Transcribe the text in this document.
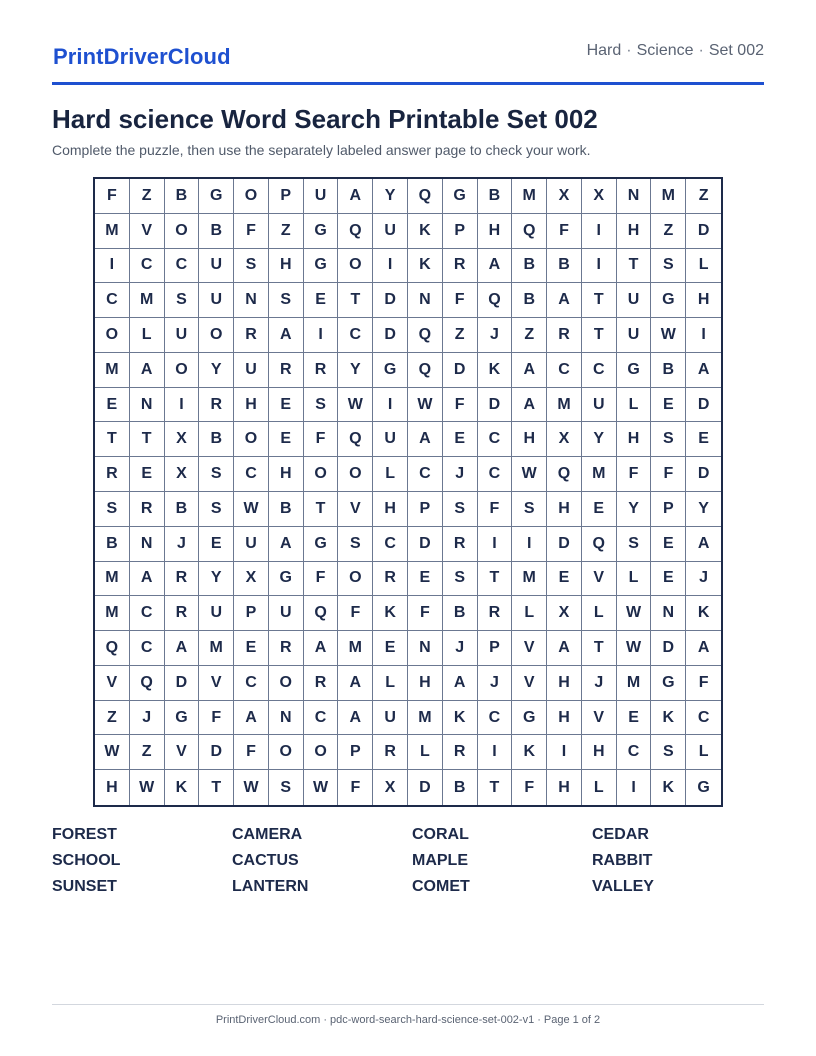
PrintDriverCloud	Hard · Science · Set 002
Hard science Word Search Printable Set 002

Complete the puzzle, then use the separately labeled answer page to check your work.

F	Z	B	G	O	P	U	A	Y	Q	G	B	M	X	X	N	M	Z
M	V	O	B	F	Z	G	Q	U	K	P	H	Q	F	I	H	Z	D
I	C	C	U	S	H	G	O	I	K	R	A	B	B	I	T	S	L
C	M	S	U	N	S	E	T	D	N	F	Q	B	A	T	U	G	H
O	L	U	O	R	A	I	C	D	Q	Z	J	Z	R	T	U	W	I
M	A	O	Y	U	R	R	Y	G	Q	D	K	A	C	C	G	B	A
E	N	I	R	H	E	S	W	I	W	F	D	A	M	U	L	E	D
T	T	X	B	O	E	F	Q	U	A	E	C	H	X	Y	H	S	E
R	E	X	S	C	H	O	O	L	C	J	C	W	Q	M	F	F	D
S	R	B	S	W	B	T	V	H	P	S	F	S	H	E	Y	P	Y
B	N	J	E	U	A	G	S	C	D	R	I	I	D	Q	S	E	A
M	A	R	Y	X	G	F	O	R	E	S	T	M	E	V	L	E	J
M	C	R	U	P	U	Q	F	K	F	B	R	L	X	L	W	N	K
Q	C	A	M	E	R	A	M	E	N	J	P	V	A	T	W	D	A
V	Q	D	V	C	O	R	A	L	H	A	J	V	H	J	M	G	F
Z	J	G	F	A	N	C	A	U	M	K	C	G	H	V	E	K	C
W	Z	V	D	F	O	O	P	R	L	R	I	K	I	H	C	S	L
H	W	K	T	W	S	W	F	X	D	B	T	F	H	L	I	K	G
FOREST	CAMERA	CORAL	CEDAR
SCHOOL	CACTUS	MAPLE	RABBIT
SUNSET	LANTERN	COMET	VALLEY
PrintDriverCloud.com · pdc-word-search-hard-science-set-002-v1 · Page 1 of 2
